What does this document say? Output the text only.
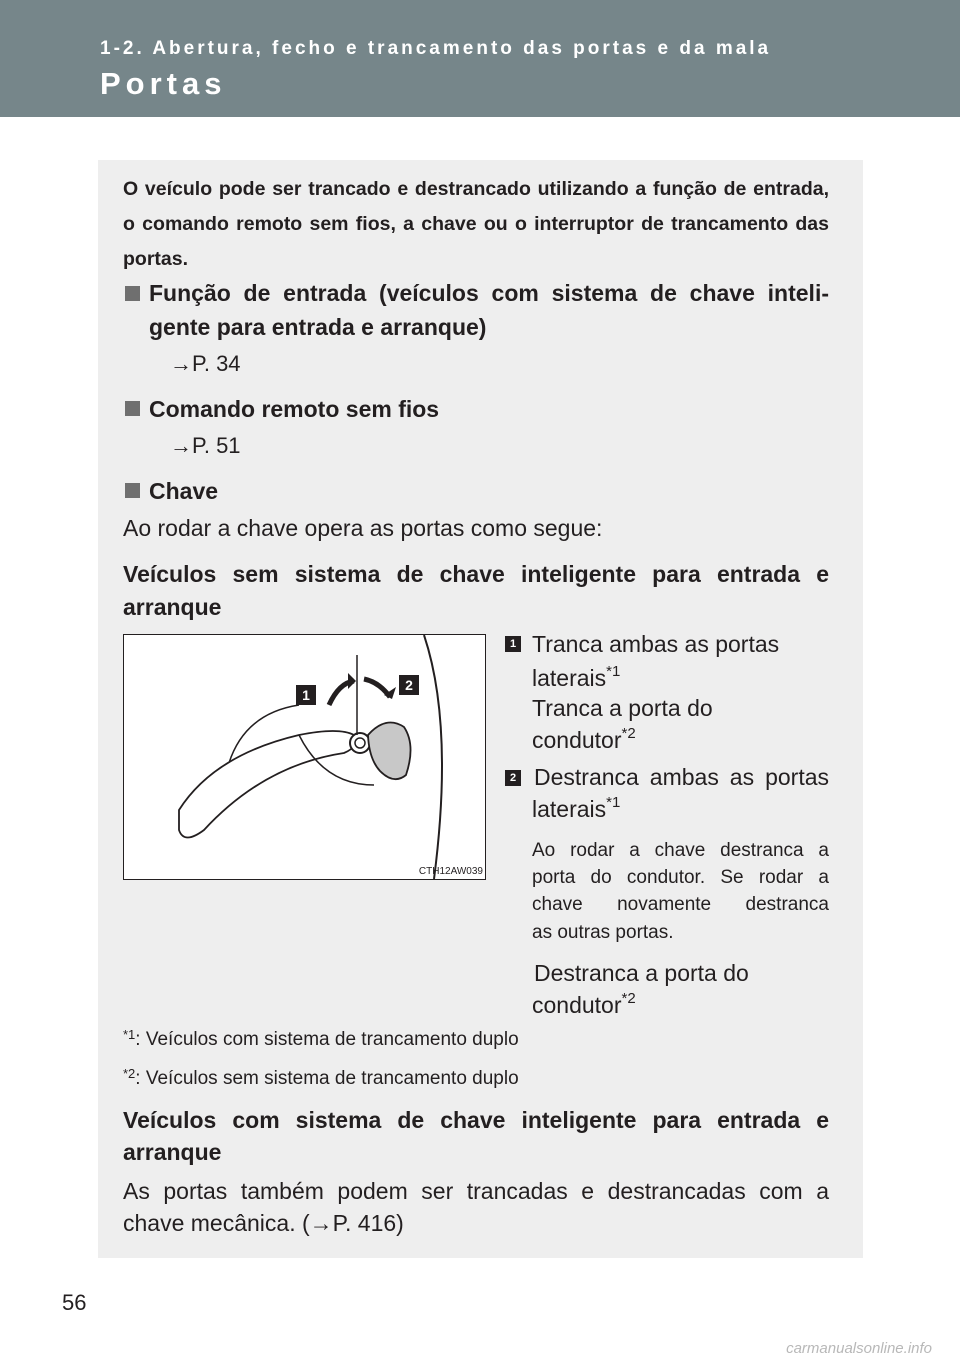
1-2. Abertura, fecho e trancamento das portas e da mala
Portas

O veículo pode ser trancado e destrancado utilizando a função de entrada, o comando remoto sem fios, a chave ou o interruptor de trancamento das portas.

Função de entrada (veículos com sistema de chave inteli-

gente para entrada e arranque)

→P. 34

Comando remoto sem fios

→P. 51

Chave

Ao rodar a chave opera as portas como segue:

Veículos sem sistema de chave inteligente para entrada e

arranque

1
2
CTH12AW039
1 Tranca ambas as portas

laterais$^{*1}$

Tranca a porta do

condutor$^{*2}$

2 Destranca ambas as portas

laterais$^{*1}$

Ao rodar a chave destranca a

porta do condutor. Se rodar a

chave novamente destranca

as outras portas.

Destranca a porta do

condutor$^{*2}$

$^{*1}$: Veículos com sistema de trancamento duplo

$^{*2}$: Veículos sem sistema de trancamento duplo

Veículos com sistema de chave inteligente para entrada e

arranque

As portas também podem ser trancadas e destrancadas com a

chave mecânica. (→P. 416)

56
carmanualsonline.info
